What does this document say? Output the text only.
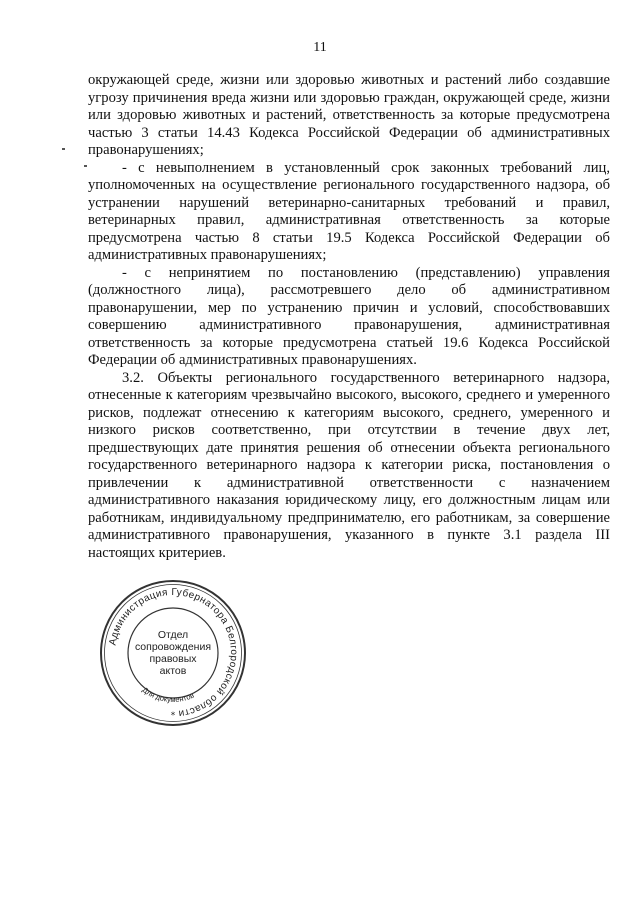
11

окружающей среде, жизни или здоровью животных и растений либо создавшие угрозу причинения вреда жизни или здоровью граждан, окружающей среде, жизни или здоровью животных и растений, ответственность за которые предусмотрена частью 3 статьи 14.43 Кодекса Российской Федерации об административных правонарушениях;

- с невыполнением в установленный срок законных требований лиц, уполномоченных на осуществление регионального государственного надзора, об устранении нарушений ветеринарно-санитарных требований и правил, ветеринарных правил, административная ответственность за которые предусмотрена частью 8 статьи 19.5 Кодекса Российской Федерации об административных правонарушениях;

- с непринятием по постановлению (представлению) управления (должностного лица), рассмотревшего дело об административном правонарушении, мер по устранению причин и условий, способствовавших совершению административного правонарушения, административная ответственность за которые предусмотрена статьей 19.6 Кодекса Российской Федерации об административных правонарушениях.

3.2. Объекты регионального государственного ветеринарного надзора, отнесенные к категориям чрезвычайно высокого, высокого, среднего и умеренного рисков, подлежат отнесению к категориям высокого, среднего, умеренного и низкого рисков соответственно, при отсутствии в течение двух лет, предшествующих дате принятия решения об отнесении объекта регионального государственного ветеринарного надзора к категории риска, постановления о привлечении к административной ответственности с назначением административного наказания юридическому лицу, его должностным лицам или работникам, индивидуальному предпринимателю, его работникам, за совершение административного правонарушения, указанного в пункте 3.1 раздела III настоящих критериев.

Администрация Губернатора Белгородской области
Для документов
*
Отдел
сопровождения
правовых
актов
